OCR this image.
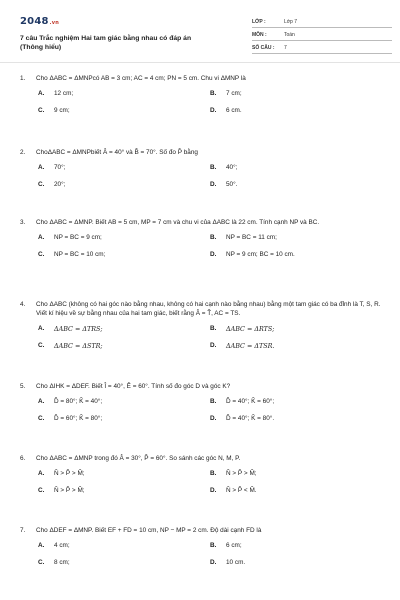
2048.vn
7 câu Trắc nghiệm Hai tam giác bằng nhau có đáp án
(Thông hiểu)
LỚP :	Lớp 7
MÔN :	Toán
SỐ CÂU :	7
1.	Cho ΔABC = ΔMNPcó AB = 3 cm; AC = 4 cm; PN = 5 cm. Chu vi ΔMNP là
A.	12 cm;	B.	7 cm;
C.	9 cm;	D.	6 cm.
2.	ChoΔABC = ΔMNPbiết Â = 40° và B̂ = 70°. Số đo P̂ bằng
A.	70°;	B.	40°;
C.	20°;	D.	50°.
3.	Cho ΔABC = ΔMNP. Biết AB = 5 cm, MP = 7 cm và chu vi của ΔABC là 22 cm. Tính cạnh NP và BC.
A.	NP = BC = 9 cm;	B.	NP = BC = 11 cm;
C.	NP = BC = 10 cm;	D.	NP = 9 cm; BC = 10 cm.
4.	Cho ΔABC (không có hai góc nào bằng nhau, không có hai cạnh nào bằng nhau) bằng một tam giác có ba đỉnh là T, S, R. Viết kí hiệu về sự bằng nhau của hai tam giác, biết rằng Â = T̂, AC = TS.
A.	ΔABC = ΔTRS;	B.	ΔABC = ΔRTS;
C.	ΔABC = ΔSTR;	D.	ΔABC = ΔTSR.
5.	Cho ΔIHK = ΔDEF. Biết Î = 40°, Ê = 60°. Tính số đo góc D và góc K?
A.	D̂ = 80°; K̂ = 40°;	B.	D̂ = 40°; K̂ = 60°;
C.	D̂ = 60°; K̂ = 80°;	D.	D̂ = 40°; K̂ = 80°.
6.	Cho ΔABC = ΔMNP trong đó Â = 30°, P̂ = 60°. So sánh các góc N, M, P.
A.	N̂ > P̂ > M̂;	B.	N̂ > P̂ > M̂;
C.	N̂ > P̂ > M̂;	D.	N̂ > P̂ < M̂.
7.	Cho ΔDEF = ΔMNP. Biết EF + FD = 10 cm, NP − MP = 2 cm. Độ dài cạnh FD là
A.	4 cm;	B.	6 cm;
C.	8 cm;	D.	10 cm.
